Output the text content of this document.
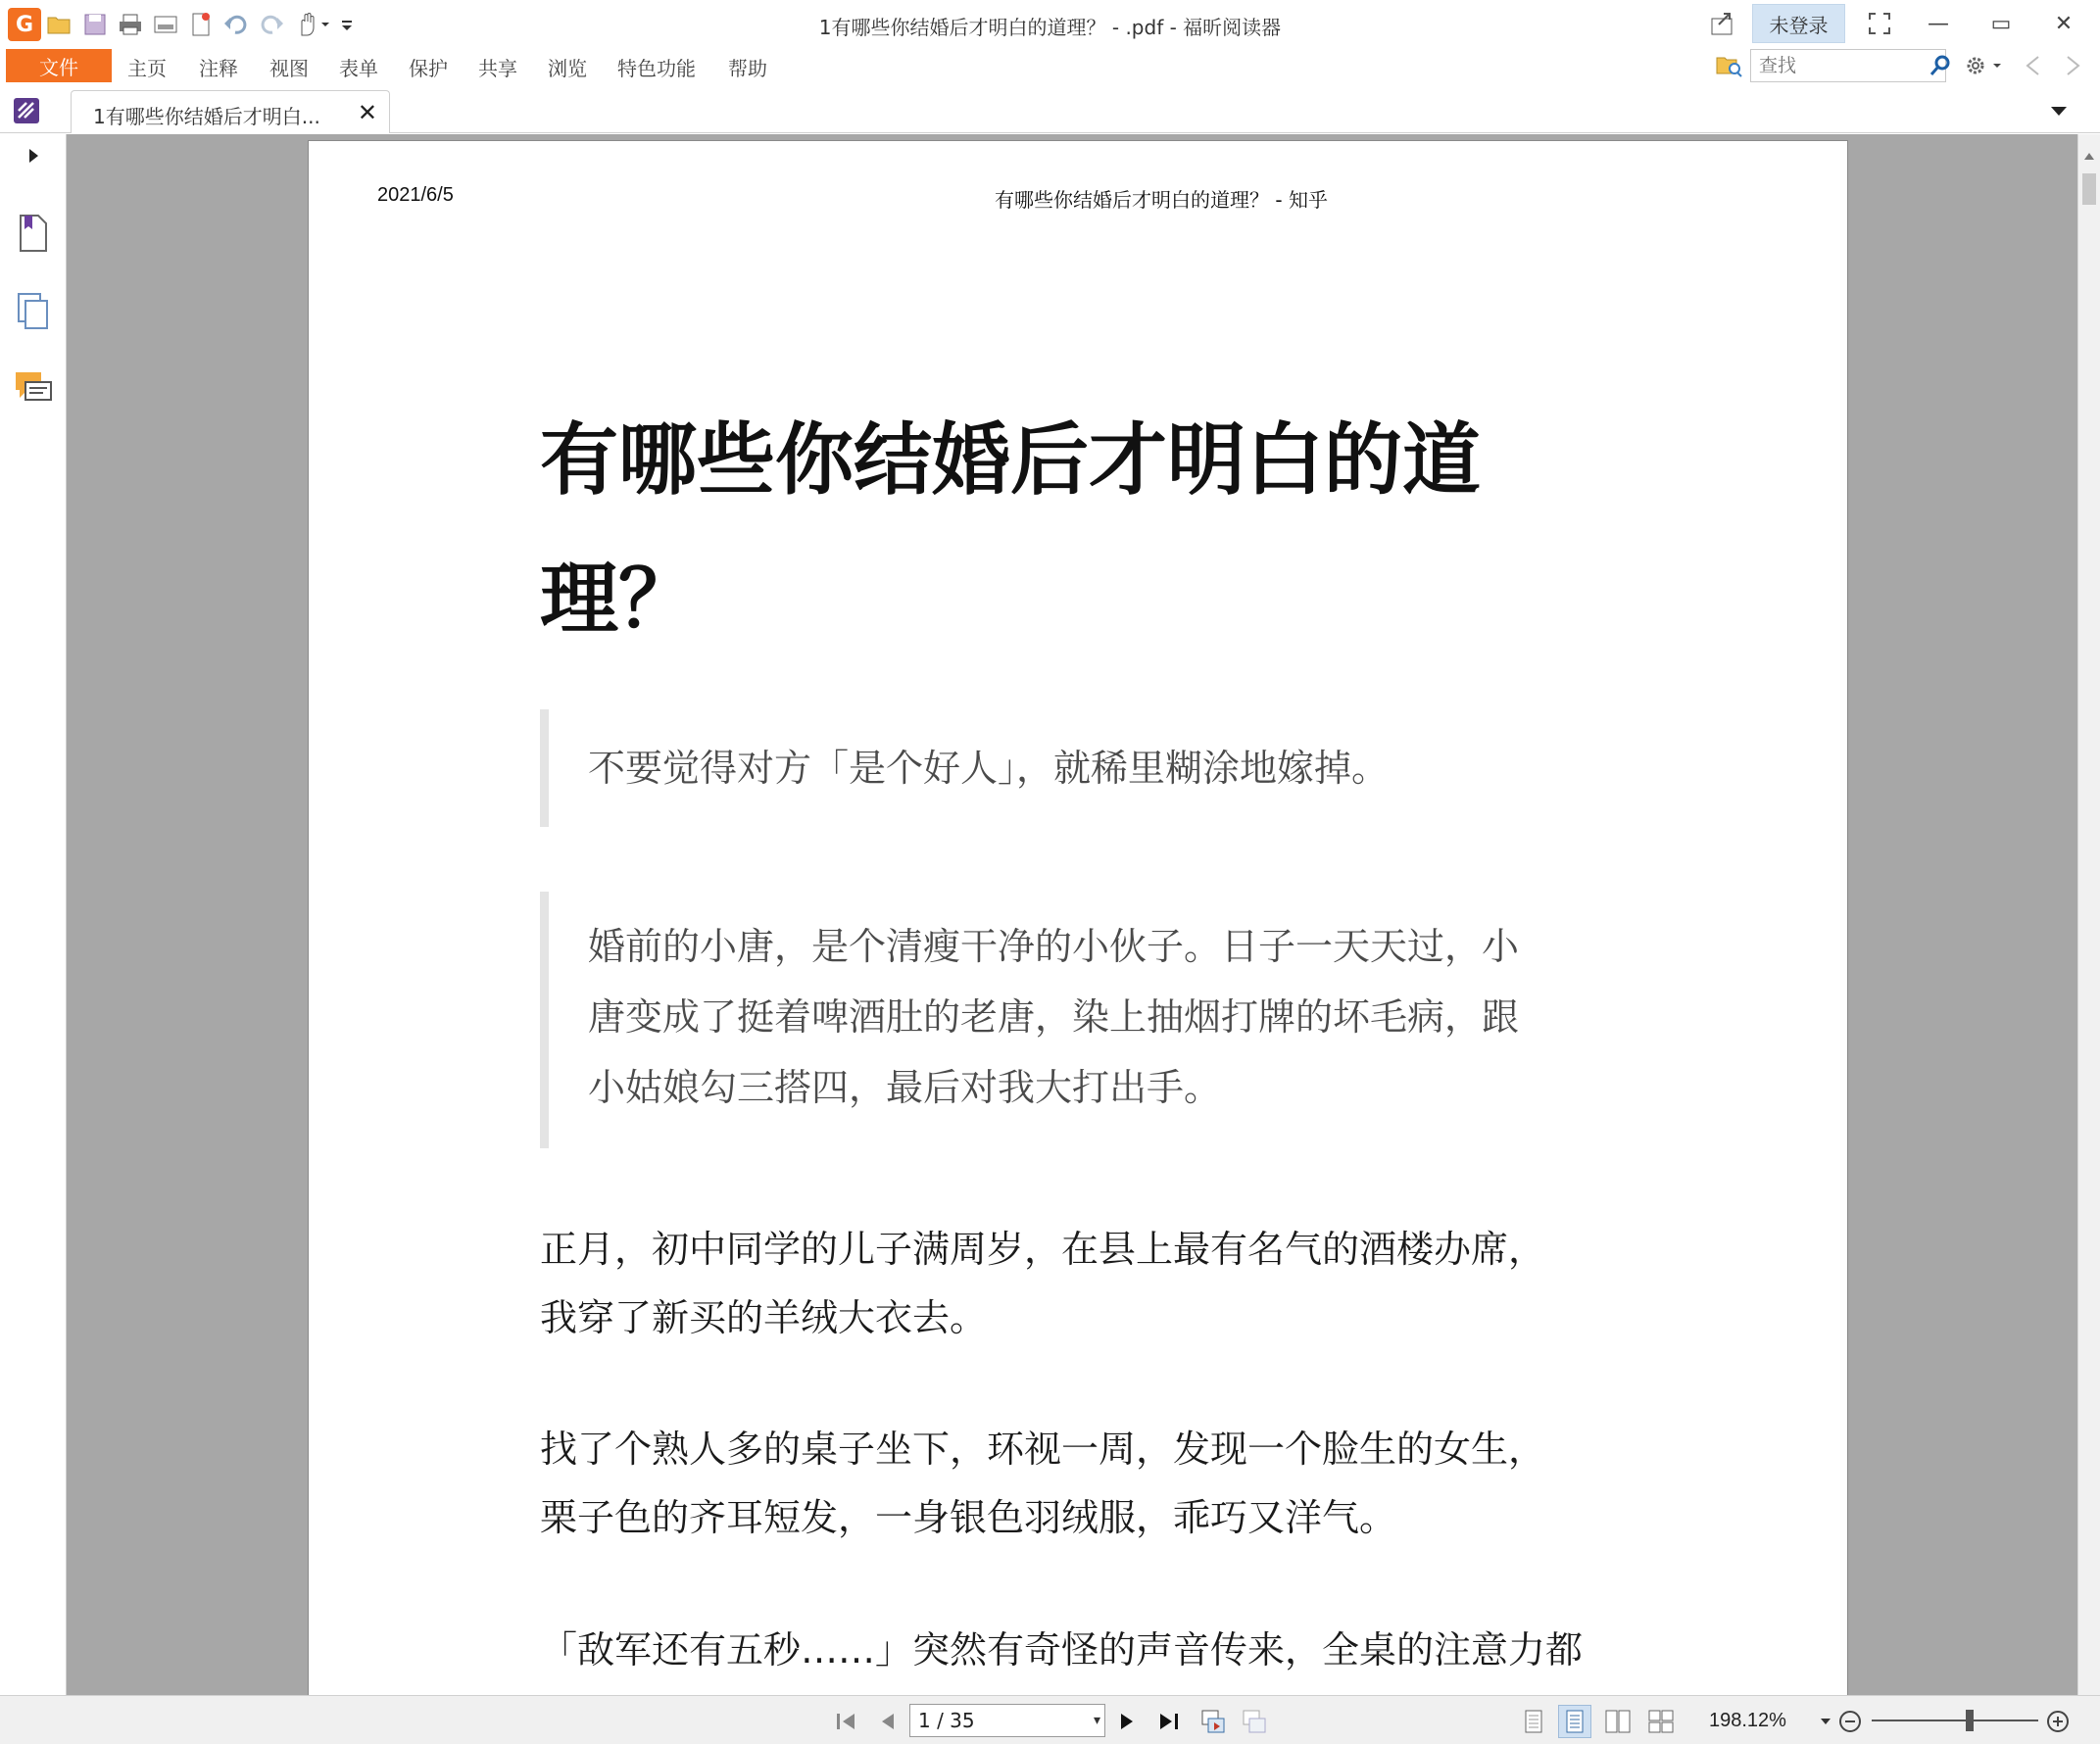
G	1有哪些你结婚后才明白的道理？ - .pdf - 福昕阅读器	未登录	—	▭	✕
文件	主页 注释 视图 表单 保护 共享 浏览 特色功能 帮助
查找
1有哪些你结婚后才明白... ✕
2021/6/5	有哪些你结婚后才明白的道理？ - 知乎
有哪些你结婚后才明白的道
理？
不要觉得对方「是个好人」，就稀里糊涂地嫁掉。
婚前的小唐，是个清瘦干净的小伙子。日子一天天过，小
唐变成了挺着啤酒肚的老唐，染上抽烟打牌的坏毛病，跟
小姑娘勾三搭四，最后对我大打出手。
正月，初中同学的儿子满周岁，在县上最有名气的酒楼办席，
我穿了新买的羊绒大衣去。
找了个熟人多的桌子坐下，环视一周，发现一个脸生的女生，
栗子色的齐耳短发，一身银色羽绒服，乖巧又洋气。
「敌军还有五秒……」突然有奇怪的声音传来，全桌的注意力都
1 / 35	▾	198.12%
